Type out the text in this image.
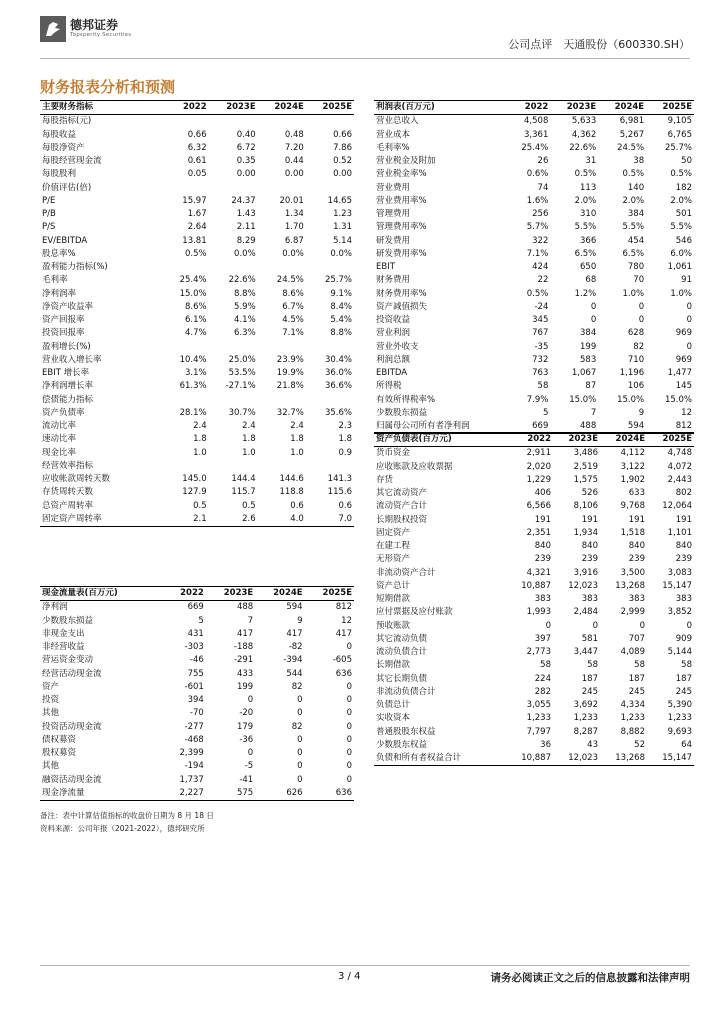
德邦证券
Topsperity Securities
公司点评　天通股份（600330.SH）
财务报表分析和预测
主要财务指标	2022	2023E	2024E	2025E
每股指标(元)				
每股收益	0.66	0.40	0.48	0.66
每股净资产	6.32	6.72	7.20	7.86
每股经营现金流	0.61	0.35	0.44	0.52
每股股利	0.05	0.00	0.00	0.00
价值评估(倍)				
P/E	15.97	24.37	20.01	14.65
P/B	1.67	1.43	1.34	1.23
P/S	2.64	2.11	1.70	1.31
EV/EBITDA	13.81	8.29	6.87	5.14
股息率%	0.5%	0.0%	0.0%	0.0%
盈利能力指标(%)				
毛利率	25.4%	22.6%	24.5%	25.7%
净利润率	15.0%	8.8%	8.6%	9.1%
净资产收益率	8.6%	5.9%	6.7%	8.4%
资产回报率	6.1%	4.1%	4.5%	5.4%
投资回报率	4.7%	6.3%	7.1%	8.8%
盈利增长(%)				
营业收入增长率	10.4%	25.0%	23.9%	30.4%
EBIT 增长率	3.1%	53.5%	19.9%	36.0%
净利润增长率	61.3%	-27.1%	21.8%	36.6%
偿债能力指标				
资产负债率	28.1%	30.7%	32.7%	35.6%
流动比率	2.4	2.4	2.4	2.3
速动比率	1.8	1.8	1.8	1.8
现金比率	1.0	1.0	1.0	0.9
经营效率指标				
应收帐款周转天数	145.0	144.4	144.6	141.3
存货周转天数	127.9	115.7	118.8	115.6
总资产周转率	0.5	0.5	0.6	0.6
固定资产周转率	2.1	2.6	4.0	7.0
利润表(百万元)	2022	2023E	2024E	2025E
营业总收入	4,508	5,633	6,981	9,105
营业成本	3,361	4,362	5,267	6,765
毛利率%	25.4%	22.6%	24.5%	25.7%
营业税金及附加	26	31	38	50
营业税金率%	0.6%	0.5%	0.5%	0.5%
营业费用	74	113	140	182
营业费用率%	1.6%	2.0%	2.0%	2.0%
管理费用	256	310	384	501
管理费用率%	5.7%	5.5%	5.5%	5.5%
研发费用	322	366	454	546
研发费用率%	7.1%	6.5%	6.5%	6.0%
EBIT	424	650	780	1,061
财务费用	22	68	70	91
财务费用率%	0.5%	1.2%	1.0%	1.0%
资产减值损失	-24	0	0	0
投资收益	345	0	0	0
营业利润	767	384	628	969
营业外收支	-35	199	82	0
利润总额	732	583	710	969
EBITDA	763	1,067	1,196	1,477
所得税	58	87	106	145
有效所得税率%	7.9%	15.0%	15.0%	15.0%
少数股东损益	5	7	9	12
归属母公司所有者净利润	669	488	594	812
资产负债表(百万元)	2022	2023E	2024E	2025E
货币资金	2,911	3,486	4,112	4,748
应收账款及应收票据	2,020	2,519	3,122	4,072
存货	1,229	1,575	1,902	2,443
其它流动资产	406	526	633	802
流动资产合计	6,566	8,106	9,768	12,064
长期股权投资	191	191	191	191
固定资产	2,351	1,934	1,518	1,101
在建工程	840	840	840	840
无形资产	239	239	239	239
非流动资产合计	4,321	3,916	3,500	3,083
资产总计	10,887	12,023	13,268	15,147
短期借款	383	383	383	383
应付票据及应付账款	1,993	2,484	2,999	3,852
预收账款	0	0	0	0
其它流动负债	397	581	707	909
流动负债合计	2,773	3,447	4,089	5,144
长期借款	58	58	58	58
其它长期负债	224	187	187	187
非流动负债合计	282	245	245	245
负债总计	3,055	3,692	4,334	5,390
实收资本	1,233	1,233	1,233	1,233
普通股股东权益	7,797	8,287	8,882	9,693
少数股东权益	36	43	52	64
负债和所有者权益合计	10,887	12,023	13,268	15,147
现金流量表(百万元)	2022	2023E	2024E	2025E
净利润	669	488	594	812
少数股东损益	5	7	9	12
非现金支出	431	417	417	417
非经营收益	-303	-188	-82	0
营运资金变动	-46	-291	-394	-605
经营活动现金流	755	433	544	636
资产	-601	199	82	0
投资	394	0	0	0
其他	-70	-20	0	0
投资活动现金流	-277	179	82	0
债权募资	-468	-36	0	0
股权募资	2,399	0	0	0
其他	-194	-5	0	0
融资活动现金流	1,737	-41	0	0
现金净流量	2,227	575	626	636
备注：表中计算估值指标的收盘价日期为 8 月 18 日
资料来源：公司年报（2021-2022），德邦研究所
3 / 4	请务必阅读正文之后的信息披露和法律声明
